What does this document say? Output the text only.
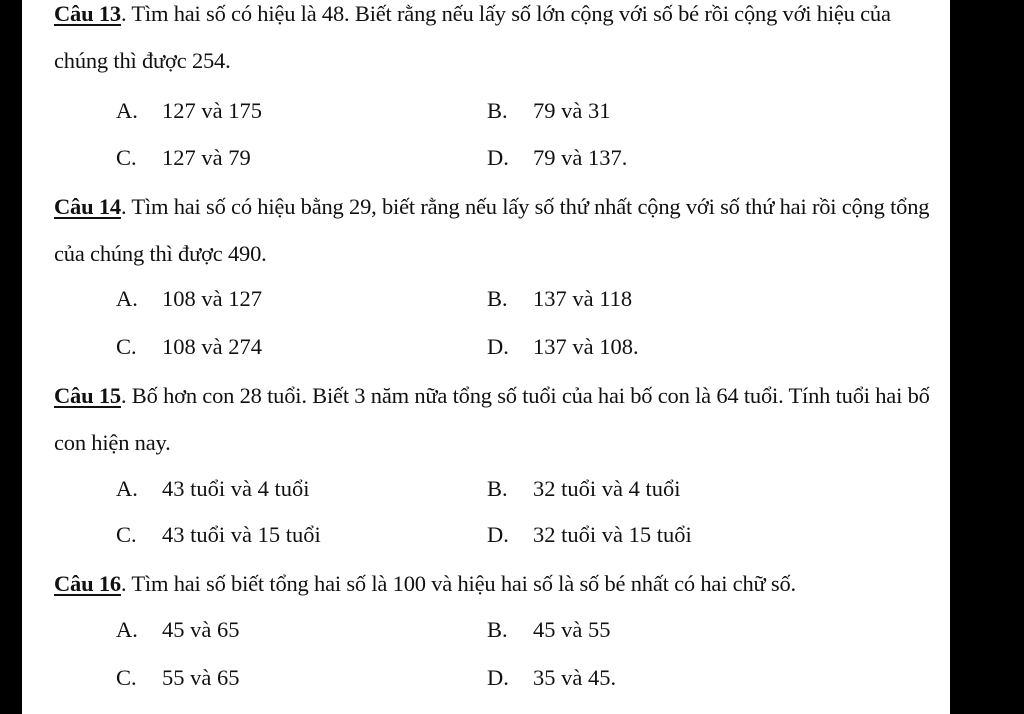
Câu 13. Tìm hai số có hiệu là 48. Biết rằng nếu lấy số lớn cộng với số bé rồi cộng với hiệu của chúng thì được 254.
A. 127 và 175	B. 79 và 31
C. 127 và 79	D. 79 và 137.
Câu 14. Tìm hai số có hiệu bằng 29, biết rằng nếu lấy số thứ nhất cộng với số thứ hai rồi cộng tổng của chúng thì được 490.
A. 108 và 127	B. 137 và 118
C. 108 và 274	D. 137 và 108.
Câu 15. Bố hơn con 28 tuổi. Biết 3 năm nữa tổng số tuổi của hai bố con là 64 tuổi. Tính tuổi hai bố con hiện nay.
A. 43 tuổi và 4 tuổi	B. 32 tuổi và 4 tuổi
C. 43 tuổi và 15 tuổi	D. 32 tuổi và 15 tuổi
Câu 16. Tìm hai số biết tổng hai số là 100 và hiệu hai số là số bé nhất có hai chữ số.
A. 45 và 65	B. 45 và 55
C. 55 và 65	D. 35 và 45.
